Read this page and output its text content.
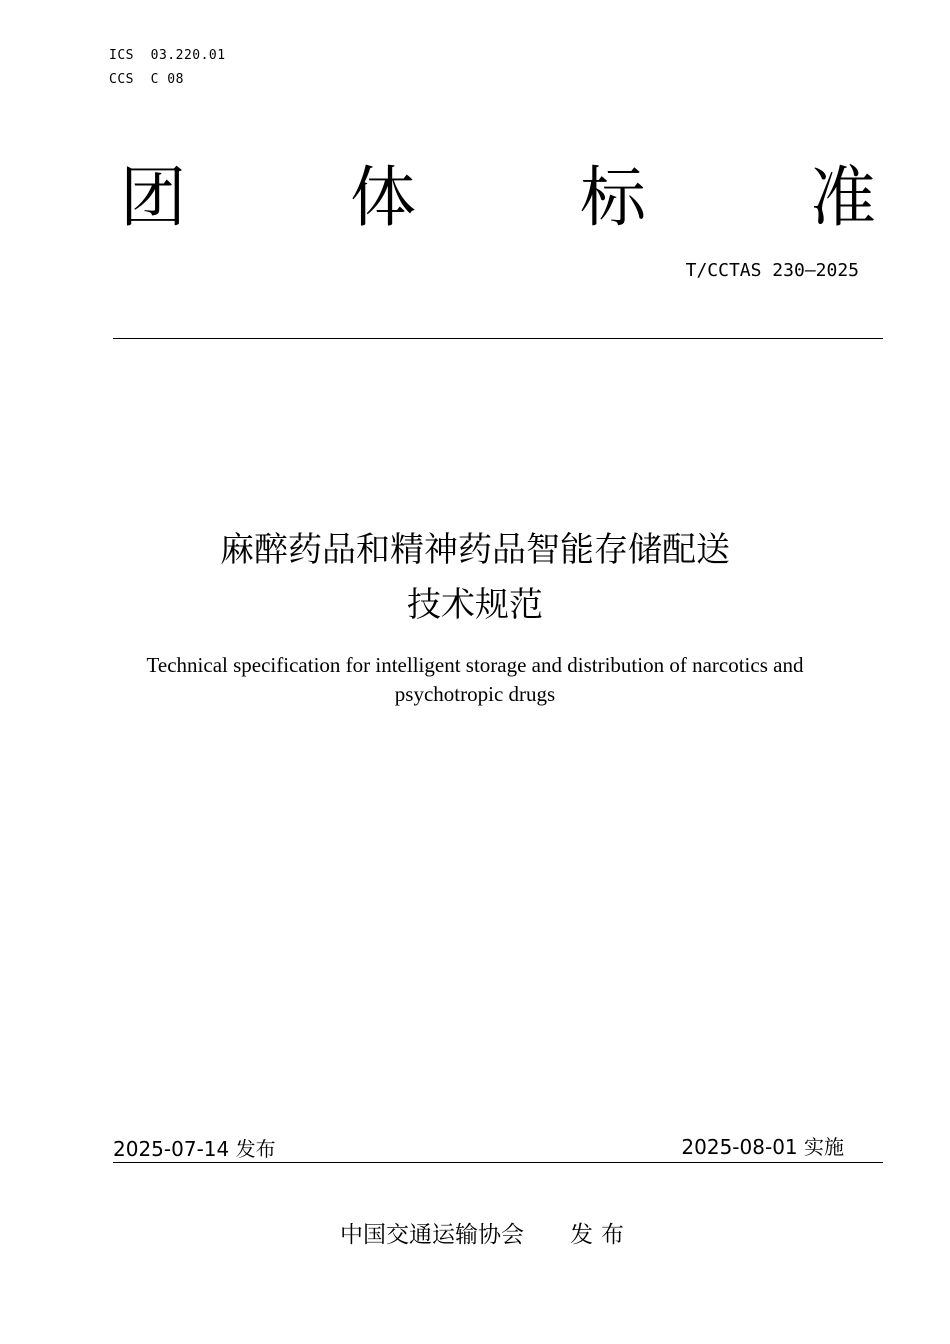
ICS  03.220.01
CCS  C 08
团 体 标 准
T/CCTAS 230—2025
麻醉药品和精神药品智能存储配送
技术规范
Technical specification for intelligent storage and distribution of narcotics and psychotropic drugs
2025-07-14 发布	2025-08-01 实施
中国交通运输协会 发布
